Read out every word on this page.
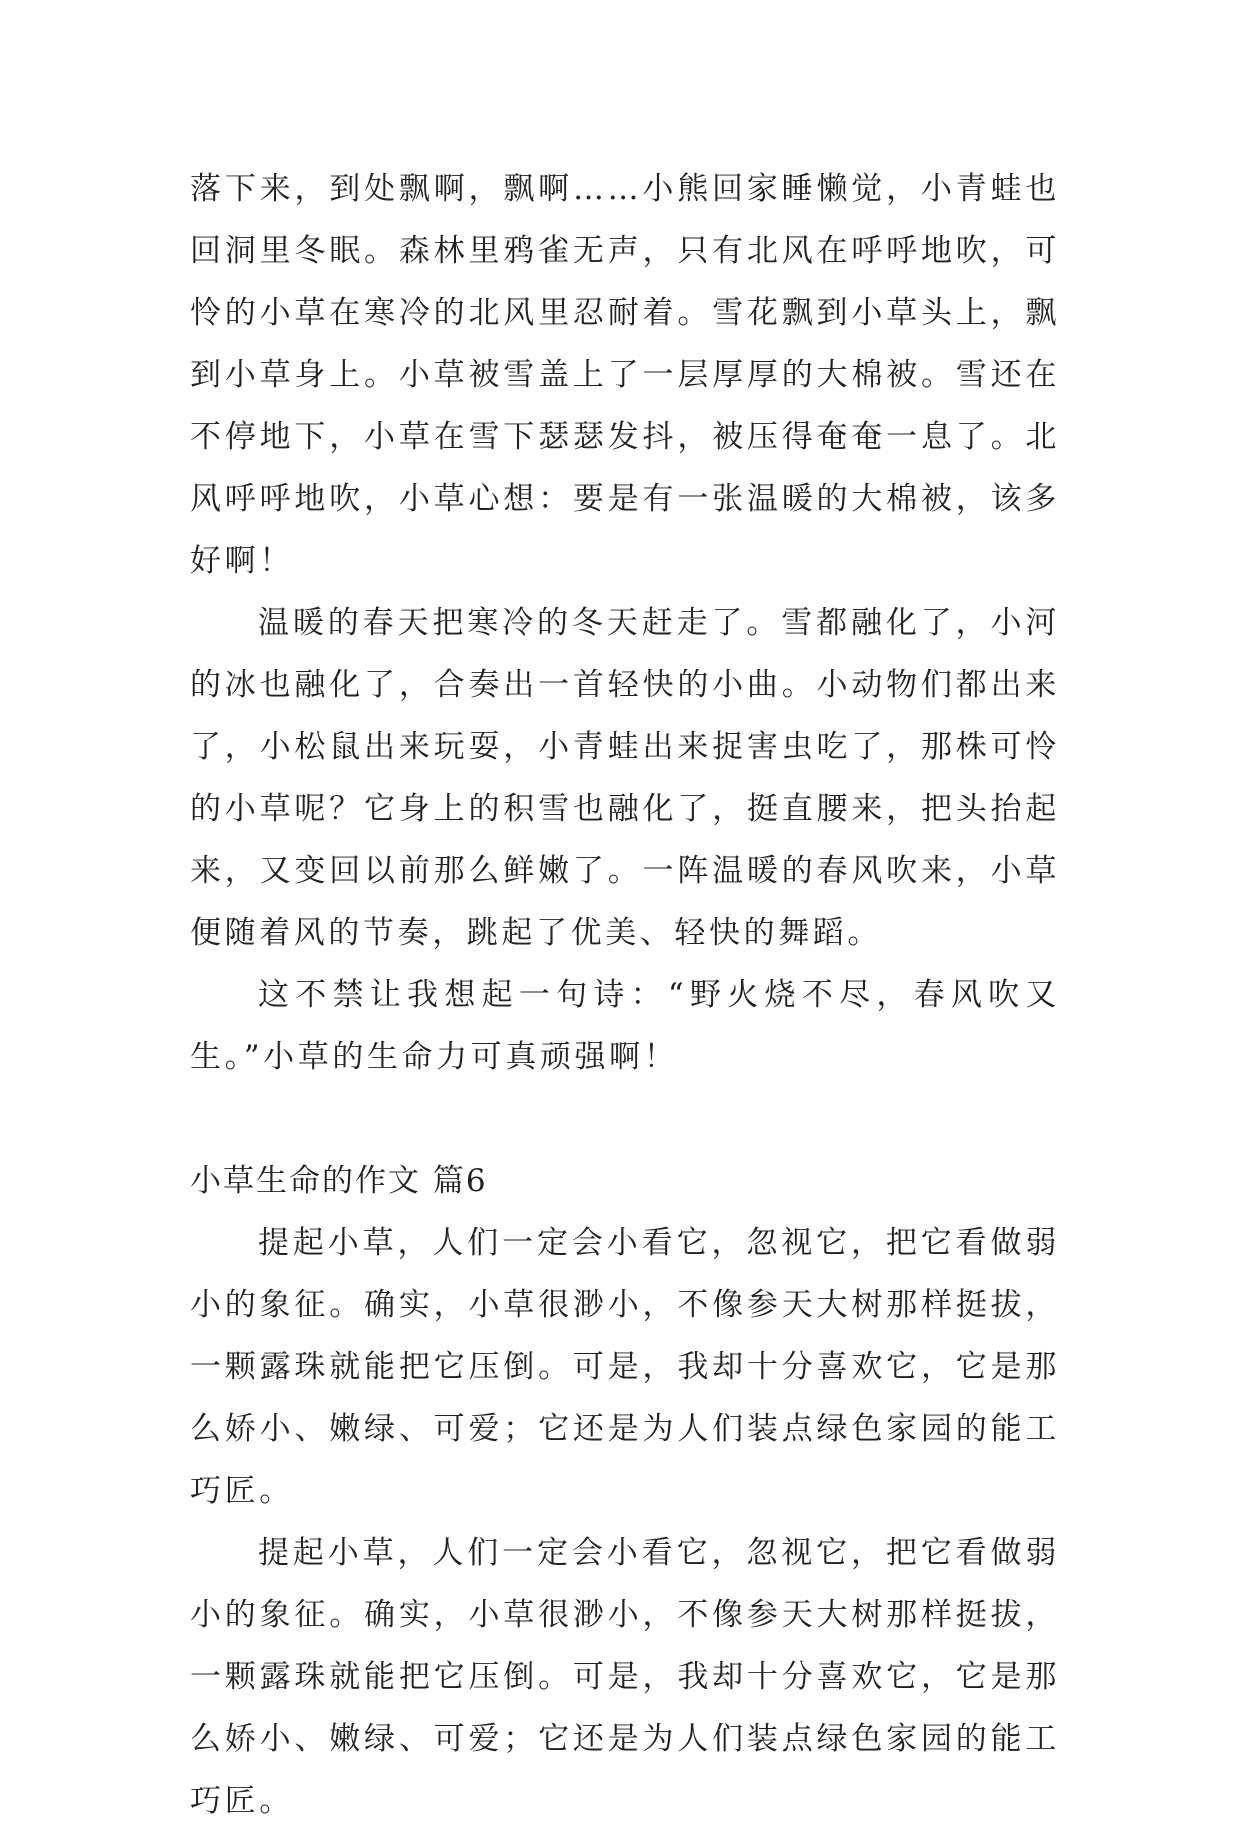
落下来，到处飘啊，飘啊……小熊回家睡懒觉，小青蛙也回洞里冬眠。森林里鸦雀无声，只有北风在呼呼地吹，可怜的小草在寒冷的北风里忍耐着。雪花飘到小草头上，飘到小草身上。小草被雪盖上了一层厚厚的大棉被。雪还在不停地下，小草在雪下瑟瑟发抖，被压得奄奄一息了。北风呼呼地吹，小草心想：要是有一张温暖的大棉被，该多好啊！

温暖的春天把寒冷的冬天赶走了。雪都融化了，小河的冰也融化了，合奏出一首轻快的小曲。小动物们都出来了，小松鼠出来玩耍，小青蛙出来捉害虫吃了，那株可怜的小草呢？它身上的积雪也融化了，挺直腰来，把头抬起来，又变回以前那么鲜嫩了。一阵温暖的春风吹来，小草便随着风的节奏，跳起了优美、轻快的舞蹈。

这不禁让我想起一句诗：“野火烧不尽，春风吹又生。”小草的生命力可真顽强啊！

小草生命的作文 篇6

提起小草，人们一定会小看它，忽视它，把它看做弱小的象征。确实，小草很渺小，不像参天大树那样挺拔，一颗露珠就能把它压倒。可是，我却十分喜欢它，它是那么娇小、嫩绿、可爱；它还是为人们装点绿色家园的能工巧匠。

提起小草，人们一定会小看它，忽视它，把它看做弱小的象征。确实，小草很渺小，不像参天大树那样挺拔，一颗露珠就能把它压倒。可是，我却十分喜欢它，它是那么娇小、嫩绿、可爱；它还是为人们装点绿色家园的能工巧匠。
